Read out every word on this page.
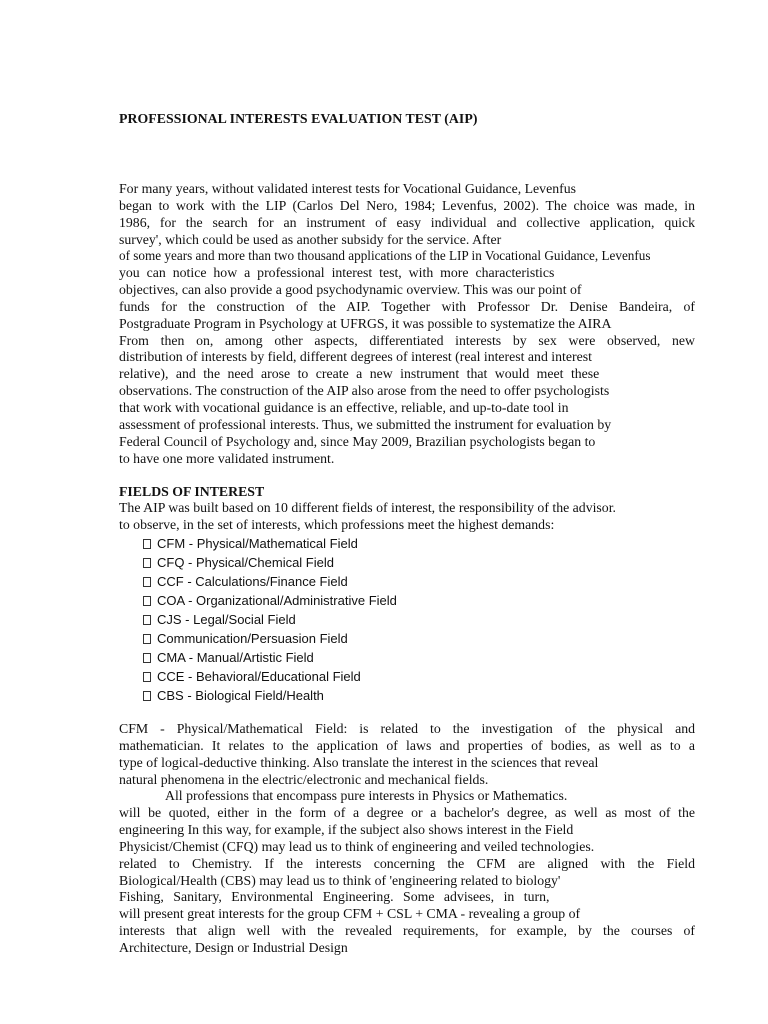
PROFESSIONAL INTERESTS EVALUATION TEST (AIP)
For many years, without validated interest tests for Vocational Guidance, Levenfus
began to work with the LIP (Carlos Del Nero, 1984; Levenfus, 2002). The choice was made, in
1986, for the search for an instrument of easy individual and collective application, quick
survey', which could be used as another subsidy for the service. After
of some years and more than two thousand applications of the LIP in Vocational Guidance, Levenfus
you can notice how a professional interest test, with more characteristics
objectives, can also provide a good psychodynamic overview. This was our point of
funds for the construction of the AIP. Together with Professor Dr. Denise Bandeira, of
Postgraduate Program in Psychology at UFRGS, it was possible to systematize the AIRA
From then on, among other aspects, differentiated interests by sex were observed, new
distribution of interests by field, different degrees of interest (real interest and interest
relative), and the need arose to create a new instrument that would meet these
observations. The construction of the AIP also arose from the need to offer psychologists
that work with vocational guidance is an effective, reliable, and up-to-date tool in
assessment of professional interests. Thus, we submitted the instrument for evaluation by
Federal Council of Psychology and, since May 2009, Brazilian psychologists began to
to have one more validated instrument.
FIELDS OF INTEREST
The AIP was built based on 10 different fields of interest, the responsibility of the advisor.
to observe, in the set of interests, which professions meet the highest demands:
CFM - Physical/Mathematical Field
CFQ - Physical/Chemical Field
CCF - Calculations/Finance Field
COA - Organizational/Administrative Field
CJS - Legal/Social Field
Communication/Persuasion Field
CMA - Manual/Artistic Field
CCE - Behavioral/Educational Field
CBS - Biological Field/Health
CFM - Physical/Mathematical Field: is related to the investigation of the physical and
mathematician. It relates to the application of laws and properties of bodies, as well as to a
type of logical-deductive thinking. Also translate the interest in the sciences that reveal
natural phenomena in the electric/electronic and mechanical fields.
All professions that encompass pure interests in Physics or Mathematics.
will be quoted, either in the form of a degree or a bachelor's degree, as well as most of the
engineering In this way, for example, if the subject also shows interest in the Field
Physicist/Chemist (CFQ) may lead us to think of engineering and veiled technologies.
related to Chemistry. If the interests concerning the CFM are aligned with the Field
Biological/Health (CBS) may lead us to think of 'engineering related to biology'
Fishing, Sanitary, Environmental Engineering. Some advisees, in turn,
will present great interests for the group CFM + CSL + CMA - revealing a group of
interests that align well with the revealed requirements, for example, by the courses of
Architecture, Design or Industrial Design
